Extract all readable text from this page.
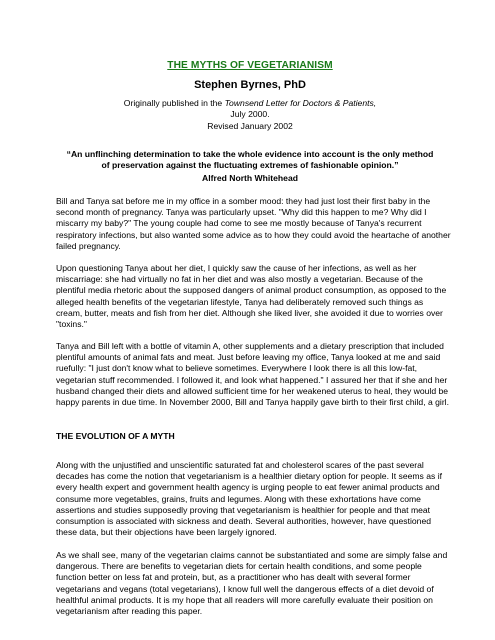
THE MYTHS OF VEGETARIANISM
Stephen Byrnes, PhD
Originally published in the Townsend Letter for Doctors & Patients,
July 2000.
Revised January 2002
“An unflinching determination to take the whole evidence into account is the only method of preservation against the fluctuating extremes of fashionable opinion.”
Alfred North Whitehead
Bill and Tanya sat before me in my office in a somber mood: they had just lost their first baby in the second month of pregnancy. Tanya was particularly upset. "Why did this happen to me? Why did I miscarry my baby?" The young couple had come to see me mostly because of Tanya's recurrent respiratory infections, but also wanted some advice as to how they could avoid the heartache of another failed pregnancy.
Upon questioning Tanya about her diet, I quickly saw the cause of her infections, as well as her miscarriage: she had virtually no fat in her diet and was also mostly a vegetarian. Because of the plentiful media rhetoric about the supposed dangers of animal product consumption, as opposed to the alleged health benefits of the vegetarian lifestyle, Tanya had deliberately removed such things as cream, butter, meats and fish from her diet. Although she liked liver, she avoided it due to worries over "toxins."
Tanya and Bill left with a bottle of vitamin A, other supplements and a dietary prescription that included plentiful amounts of animal fats and meat. Just before leaving my office, Tanya looked at me and said ruefully: "I just don't know what to believe sometimes. Everywhere I look there is all this low-fat, vegetarian stuff recommended. I followed it, and look what happened." I assured her that if she and her husband changed their diets and allowed sufficient time for her weakened uterus to heal, they would be happy parents in due time. In November 2000, Bill and Tanya happily gave birth to their first child, a girl.
THE EVOLUTION OF A MYTH
Along with the unjustified and unscientific saturated fat and cholesterol scares of the past several decades has come the notion that vegetarianism is a healthier dietary option for people. It seems as if every health expert and government health agency is urging people to eat fewer animal products and consume more vegetables, grains, fruits and legumes. Along with these exhortations have come assertions and studies supposedly proving that vegetarianism is healthier for people and that meat consumption is associated with sickness and death. Several authorities, however, have questioned these data, but their objections have been largely ignored.
As we shall see, many of the vegetarian claims cannot be substantiated and some are simply false and dangerous. There are benefits to vegetarian diets for certain health conditions, and some people function better on less fat and protein, but, as a practitioner who has dealt with several former vegetarians and vegans (total vegetarians), I know full well the dangerous effects of a diet devoid of healthful animal products. It is my hope that all readers will more carefully evaluate their position on vegetarianism after reading this paper.
